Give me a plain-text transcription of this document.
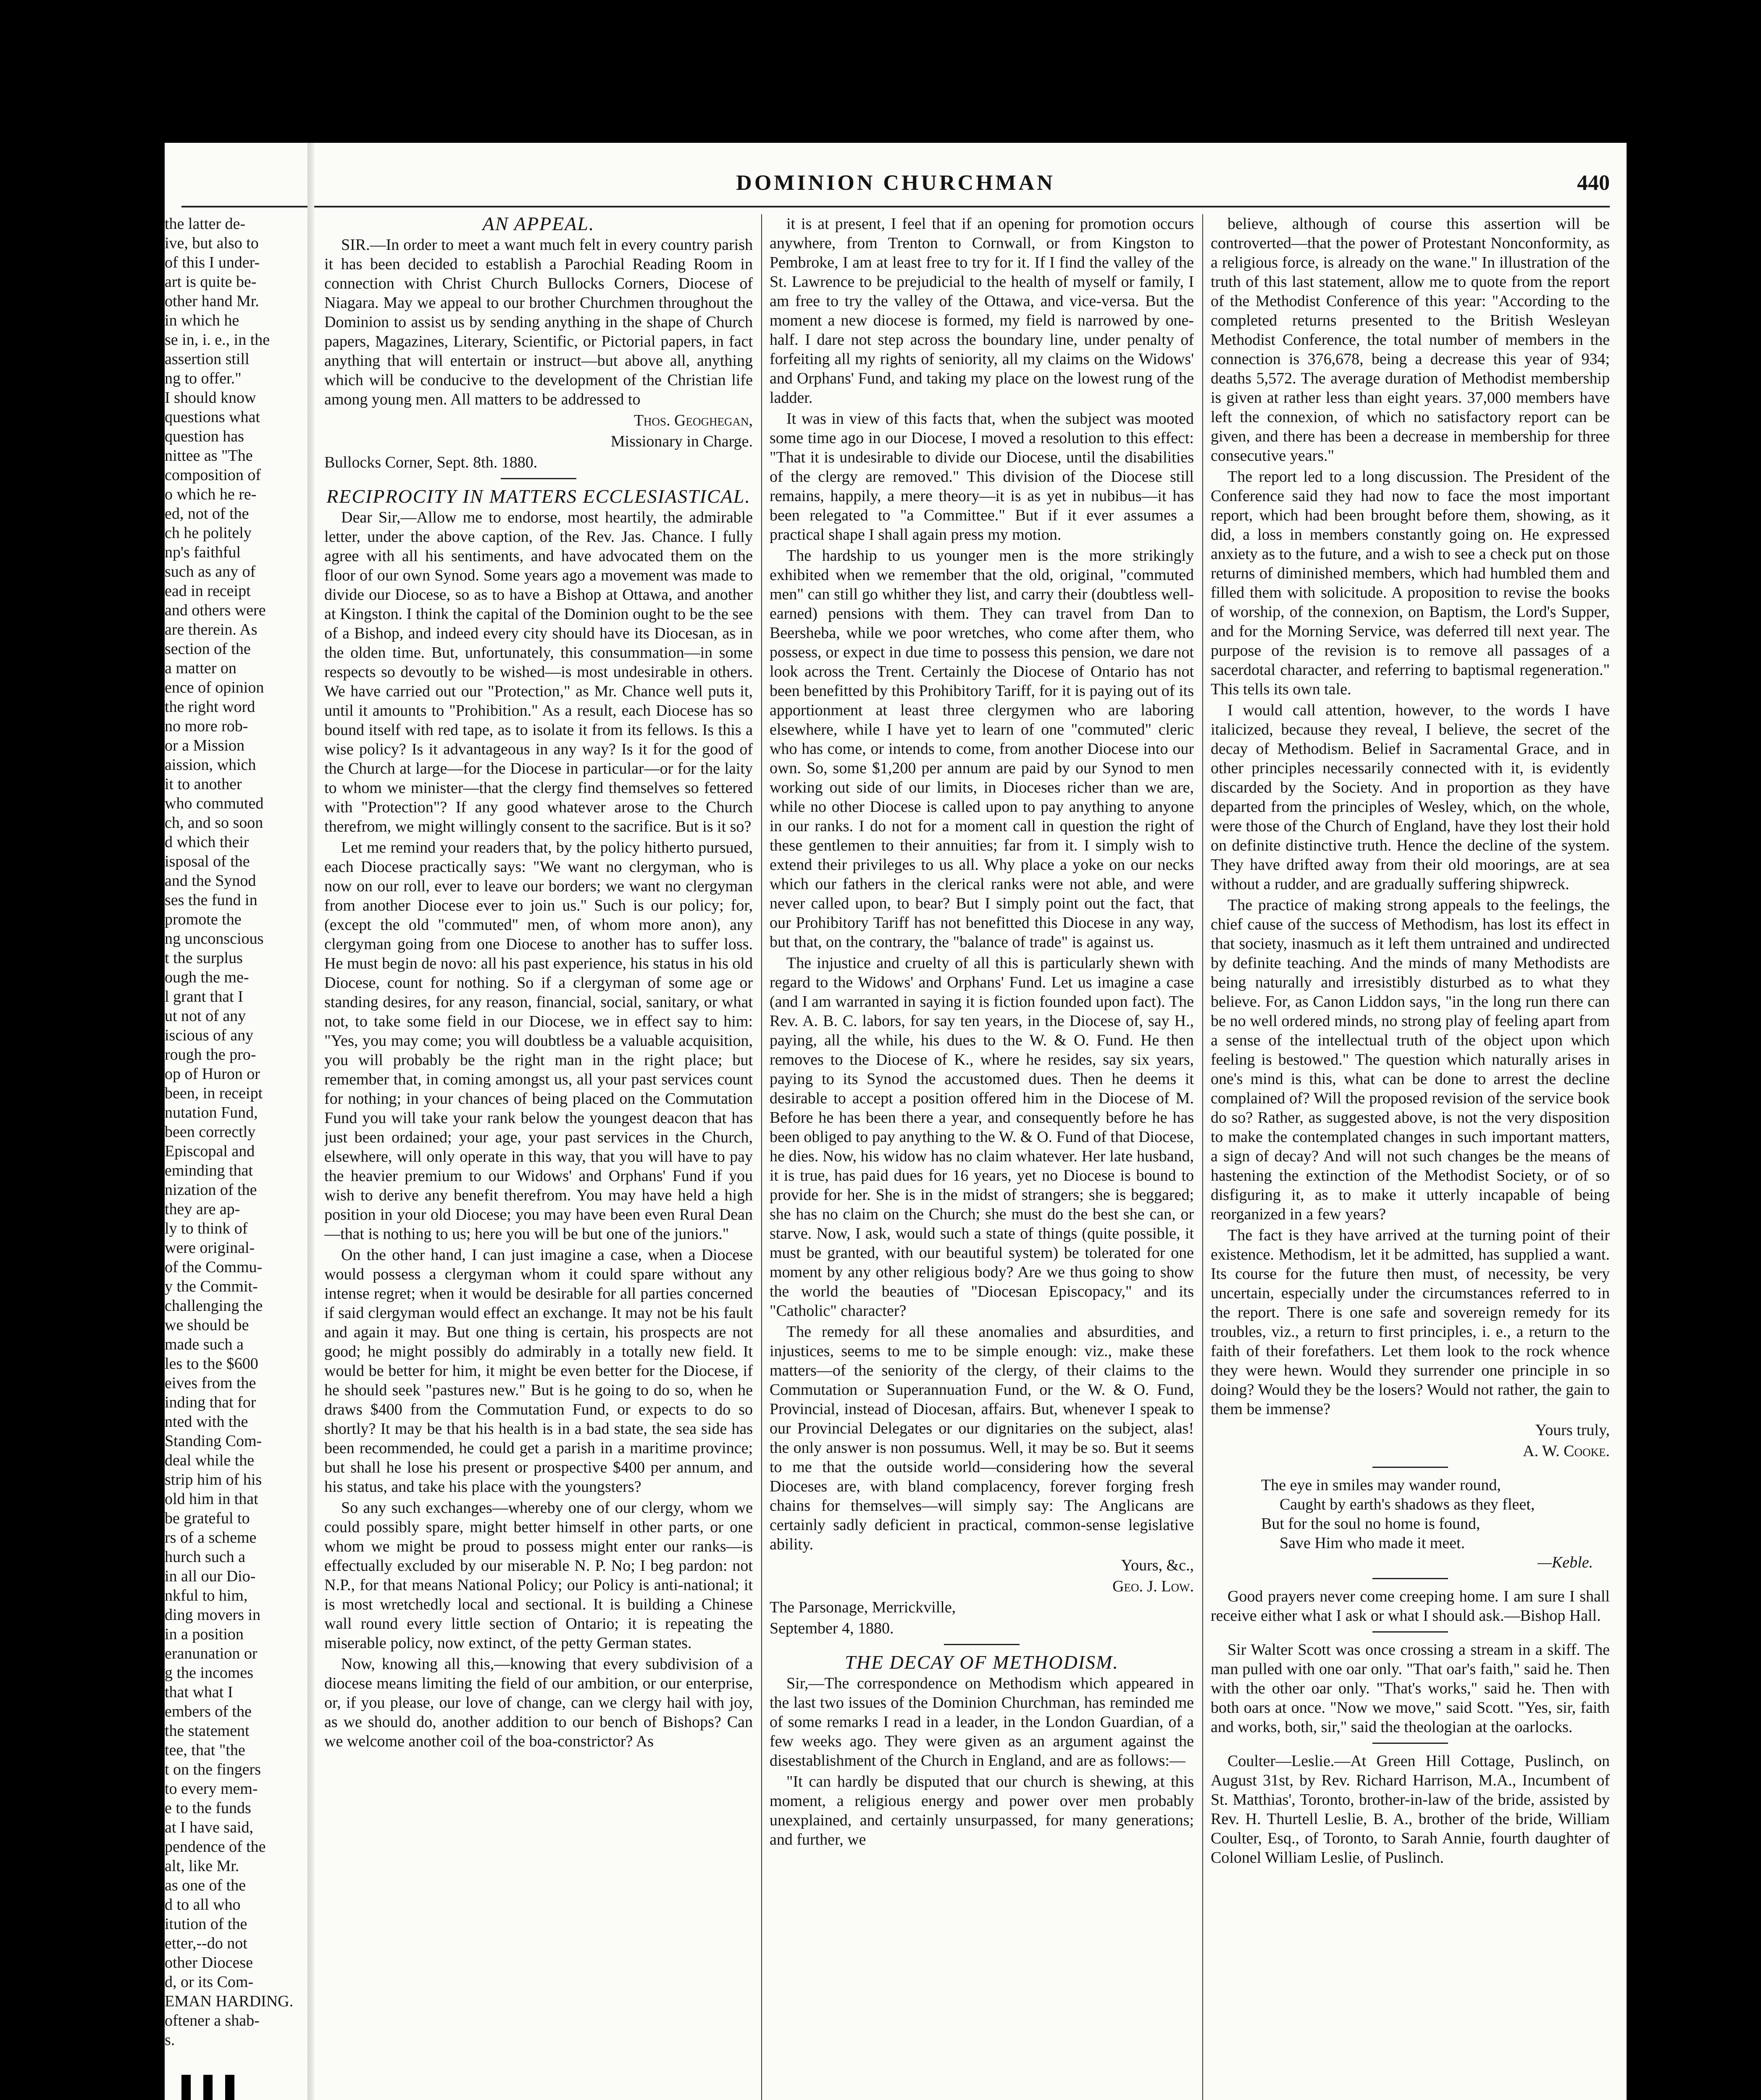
DOMINION CHURCHMAN	440
the latter de-
ive, but also to
of this I under-
art is quite be-
other hand Mr.
in which he
se in, i. e., in the
assertion still
ng to offer."
I should know
questions what
question has
nittee as "The
composition of
o which he re-
ed, not of the
ch he politely
np's faithful
such as any of
ead in receipt
and others were
are therein. As
section of the
a matter on
ence of opinion
the right word
no more rob-
or a Mission
aission, which
it to another
who commuted
ch, and so soon
d which their
isposal of the
and the Synod
ses the fund in
promote the
ng unconscious
t the surplus
ough the me-
l grant that I
ut not of any
iscious of any
rough the pro-
op of Huron or
been, in receipt
nutation Fund,
been correctly
Episcopal and
eminding that
nization of the
they are ap-
ly to think of
were original-
of the Commu-
y the Commit-
challenging the
we should be
made such a
les to the $600
eives from the
inding that for
nted with the
Standing Com-
deal while the
strip him of his
old him in that
be grateful to
rs of a scheme
hurch such a
in all our Dio-
nkful to him,
ding movers in
in a position
eranunation or
g the incomes
that what I
embers of the
the statement
tee, that "the
t on the fingers
to every mem-
e to the funds
at I have said,
pendence of the
alt, like Mr.
as one of the
d to all who
itution of the
etter,--do not
other Diocese
d, or its Com-
EMAN HARDING.
oftener a shab-
s.

AN APPEAL.

SIR.—In order to meet a want much felt in every country parish it has been decided to establish a Parochial Reading Room in connection with Christ Church Bullocks Corners, Diocese of Niagara. May we appeal to our brother Churchmen throughout the Dominion to assist us by sending anything in the shape of Church papers, Magazines, Literary, Scientific, or Pictorial papers, in fact anything that will entertain or instruct—but above all, anything which will be conducive to the development of the Christian life among young men. All matters to be addressed to

Thos. Geoghegan,

Missionary in Charge.

Bullocks Corner, Sept. 8th. 1880.

RECIPROCITY IN MATTERS ECCLESIASTICAL.

Dear Sir,—Allow me to endorse, most heartily, the admirable letter, under the above caption, of the Rev. Jas. Chance. I fully agree with all his sentiments, and have advocated them on the floor of our own Synod. Some years ago a movement was made to divide our Diocese, so as to have a Bishop at Ottawa, and another at Kingston. I think the capital of the Dominion ought to be the see of a Bishop, and indeed every city should have its Diocesan, as in the olden time. But, unfortunately, this consummation—in some respects so devoutly to be wished—is most undesirable in others. We have carried out our "Protection," as Mr. Chance well puts it, until it amounts to "Prohibition." As a result, each Diocese has so bound itself with red tape, as to isolate it from its fellows. Is this a wise policy? Is it advantageous in any way? Is it for the good of the Church at large—for the Diocese in particular—or for the laity to whom we minister—that the clergy find themselves so fettered with "Protection"? If any good whatever arose to the Church therefrom, we might willingly consent to the sacrifice. But is it so?

Let me remind your readers that, by the policy hitherto pursued, each Diocese practically says: "We want no clergyman, who is now on our roll, ever to leave our borders; we want no clergyman from another Diocese ever to join us." Such is our policy; for, (except the old "commuted" men, of whom more anon), any clergyman going from one Diocese to another has to suffer loss. He must begin de novo: all his past experience, his status in his old Diocese, count for nothing. So if a clergyman of some age or standing desires, for any reason, financial, social, sanitary, or what not, to take some field in our Diocese, we in effect say to him: "Yes, you may come; you will doubtless be a valuable acquisition, you will probably be the right man in the right place; but remember that, in coming amongst us, all your past services count for nothing; in your chances of being placed on the Commutation Fund you will take your rank below the youngest deacon that has just been ordained; your age, your past services in the Church, elsewhere, will only operate in this way, that you will have to pay the heavier premium to our Widows' and Orphans' Fund if you wish to derive any benefit therefrom. You may have held a high position in your old Diocese; you may have been even Rural Dean—that is nothing to us; here you will be but one of the juniors."

On the other hand, I can just imagine a case, when a Diocese would possess a clergyman whom it could spare without any intense regret; when it would be desirable for all parties concerned if said clergyman would effect an exchange. It may not be his fault and again it may. But one thing is certain, his prospects are not good; he might possibly do admirably in a totally new field. It would be better for him, it might be even better for the Diocese, if he should seek "pastures new." But is he going to do so, when he draws $400 from the Commutation Fund, or expects to do so shortly? It may be that his health is in a bad state, the sea side has been recommended, he could get a parish in a maritime province; but shall he lose his present or prospective $400 per annum, and his status, and take his place with the youngsters?

So any such exchanges—whereby one of our clergy, whom we could possibly spare, might better himself in other parts, or one whom we might be proud to possess might enter our ranks—is effectually excluded by our miserable N. P. No; I beg pardon: not N.P., for that means National Policy; our Policy is anti-national; it is most wretchedly local and sectional. It is building a Chinese wall round every little section of Ontario; it is repeating the miserable policy, now extinct, of the petty German states.

Now, knowing all this,—knowing that every subdivision of a diocese means limiting the field of our ambition, or our enterprise, or, if you please, our love of change, can we clergy hail with joy, as we should do, another addition to our bench of Bishops? Can we welcome another coil of the boa-constrictor? As

it is at present, I feel that if an opening for promotion occurs anywhere, from Trenton to Cornwall, or from Kingston to Pembroke, I am at least free to try for it. If I find the valley of the St. Lawrence to be prejudicial to the health of myself or family, I am free to try the valley of the Ottawa, and vice-versa. But the moment a new diocese is formed, my field is narrowed by one-half. I dare not step across the boundary line, under penalty of forfeiting all my rights of seniority, all my claims on the Widows' and Orphans' Fund, and taking my place on the lowest rung of the ladder.

It was in view of this facts that, when the subject was mooted some time ago in our Diocese, I moved a resolution to this effect: "That it is undesirable to divide our Diocese, until the disabilities of the clergy are removed." This division of the Diocese still remains, happily, a mere theory—it is as yet in nubibus—it has been relegated to "a Committee." But if it ever assumes a practical shape I shall again press my motion.

The hardship to us younger men is the more strikingly exhibited when we remember that the old, original, "commuted men" can still go whither they list, and carry their (doubtless well-earned) pensions with them. They can travel from Dan to Beersheba, while we poor wretches, who come after them, who possess, or expect in due time to possess this pension, we dare not look across the Trent. Certainly the Diocese of Ontario has not been benefitted by this Prohibitory Tariff, for it is paying out of its apportionment at least three clergymen who are laboring elsewhere, while I have yet to learn of one "commuted" cleric who has come, or intends to come, from another Diocese into our own. So, some $1,200 per annum are paid by our Synod to men working out side of our limits, in Dioceses richer than we are, while no other Diocese is called upon to pay anything to anyone in our ranks. I do not for a moment call in question the right of these gentlemen to their annuities; far from it. I simply wish to extend their privileges to us all. Why place a yoke on our necks which our fathers in the clerical ranks were not able, and were never called upon, to bear? But I simply point out the fact, that our Prohibitory Tariff has not benefitted this Diocese in any way, but that, on the contrary, the "balance of trade" is against us.

The injustice and cruelty of all this is particularly shewn with regard to the Widows' and Orphans' Fund. Let us imagine a case (and I am warranted in saying it is fiction founded upon fact). The Rev. A. B. C. labors, for say ten years, in the Diocese of, say H., paying, all the while, his dues to the W. & O. Fund. He then removes to the Diocese of K., where he resides, say six years, paying to its Synod the accustomed dues. Then he deems it desirable to accept a position offered him in the Diocese of M. Before he has been there a year, and consequently before he has been obliged to pay anything to the W. & O. Fund of that Diocese, he dies. Now, his widow has no claim whatever. Her late husband, it is true, has paid dues for 16 years, yet no Diocese is bound to provide for her. She is in the midst of strangers; she is beggared; she has no claim on the Church; she must do the best she can, or starve. Now, I ask, would such a state of things (quite possible, it must be granted, with our beautiful system) be tolerated for one moment by any other religious body? Are we thus going to show the world the beauties of "Diocesan Episcopacy," and its "Catholic" character?

The remedy for all these anomalies and absurdities, and injustices, seems to me to be simple enough: viz., make these matters—of the seniority of the clergy, of their claims to the Commutation or Superannuation Fund, or the W. & O. Fund, Provincial, instead of Diocesan, affairs. But, whenever I speak to our Provincial Delegates or our dignitaries on the subject, alas! the only answer is non possumus. Well, it may be so. But it seems to me that the outside world—considering how the several Dioceses are, with bland complacency, forever forging fresh chains for themselves—will simply say: The Anglicans are certainly sadly deficient in practical, common-sense legislative ability.

Yours, &c.,

Geo. J. Low.

The Parsonage, Merrickville,

September 4, 1880.

THE DECAY OF METHODISM.

Sir,—The correspondence on Methodism which appeared in the last two issues of the Dominion Churchman, has reminded me of some remarks I read in a leader, in the London Guardian, of a few weeks ago. They were given as an argument against the disestablishment of the Church in England, and are as follows:—

"It can hardly be disputed that our church is shewing, at this moment, a religious energy and power over men probably unexplained, and certainly unsurpassed, for many generations; and further, we

believe, although of course this assertion will be controverted—that the power of Protestant Nonconformity, as a religious force, is already on the wane." In illustration of the truth of this last statement, allow me to quote from the report of the Methodist Conference of this year: "According to the completed returns presented to the British Wesleyan Methodist Conference, the total number of members in the connection is 376,678, being a decrease this year of 934; deaths 5,572. The average duration of Methodist membership is given at rather less than eight years. 37,000 members have left the connexion, of which no satisfactory report can be given, and there has been a decrease in membership for three consecutive years."

The report led to a long discussion. The President of the Conference said they had now to face the most important report, which had been brought before them, showing, as it did, a loss in members constantly going on. He expressed anxiety as to the future, and a wish to see a check put on those returns of diminished members, which had humbled them and filled them with solicitude. A proposition to revise the books of worship, of the connexion, on Baptism, the Lord's Supper, and for the Morning Service, was deferred till next year. The purpose of the revision is to remove all passages of a sacerdotal character, and referring to baptismal regeneration." This tells its own tale.

I would call attention, however, to the words I have italicized, because they reveal, I believe, the secret of the decay of Methodism. Belief in Sacramental Grace, and in other principles necessarily connected with it, is evidently discarded by the Society. And in proportion as they have departed from the principles of Wesley, which, on the whole, were those of the Church of England, have they lost their hold on definite distinctive truth. Hence the decline of the system. They have drifted away from their old moorings, are at sea without a rudder, and are gradually suffering shipwreck.

The practice of making strong appeals to the feelings, the chief cause of the success of Methodism, has lost its effect in that society, inasmuch as it left them untrained and undirected by definite teaching. And the minds of many Methodists are being naturally and irresistibly disturbed as to what they believe. For, as Canon Liddon says, "in the long run there can be no well ordered minds, no strong play of feeling apart from a sense of the intellectual truth of the object upon which feeling is bestowed." The question which naturally arises in one's mind is this, what can be done to arrest the decline complained of? Will the proposed revision of the service book do so? Rather, as suggested above, is not the very disposition to make the contemplated changes in such important matters, a sign of decay? And will not such changes be the means of hastening the extinction of the Methodist Society, or of so disfiguring it, as to make it utterly incapable of being reorganized in a few years?

The fact is they have arrived at the turning point of their existence. Methodism, let it be admitted, has supplied a want. Its course for the future then must, of necessity, be very uncertain, especially under the circumstances referred to in the report. There is one safe and sovereign remedy for its troubles, viz., a return to first principles, i. e., a return to the faith of their forefathers. Let them look to the rock whence they were hewn. Would they surrender one principle in so doing? Would they be the losers? Would not rather, the gain to them be immense?

Yours truly,

A. W. Cooke.

The eye in smiles may wander round,
Caught by earth's shadows as they fleet,
But for the soul no home is found,
Save Him who made it meet.
—Keble.

Good prayers never come creeping home. I am sure I shall receive either what I ask or what I should ask.—Bishop Hall.

Sir Walter Scott was once crossing a stream in a skiff. The man pulled with one oar only. "That oar's faith," said he. Then with the other oar only. "That's works," said he. Then with both oars at once. "Now we move," said Scott. "Yes, sir, faith and works, both, sir," said the theologian at the oarlocks.

Coulter—Leslie.—At Green Hill Cottage, Puslinch, on August 31st, by Rev. Richard Harrison, M.A., Incumbent of St. Matthias', Toronto, brother-in-law of the bride, assisted by Rev. H. Thurtell Leslie, B. A., brother of the bride, William Coulter, Esq., of Toronto, to Sarah Annie, fourth daughter of Colonel William Leslie, of Puslinch.
